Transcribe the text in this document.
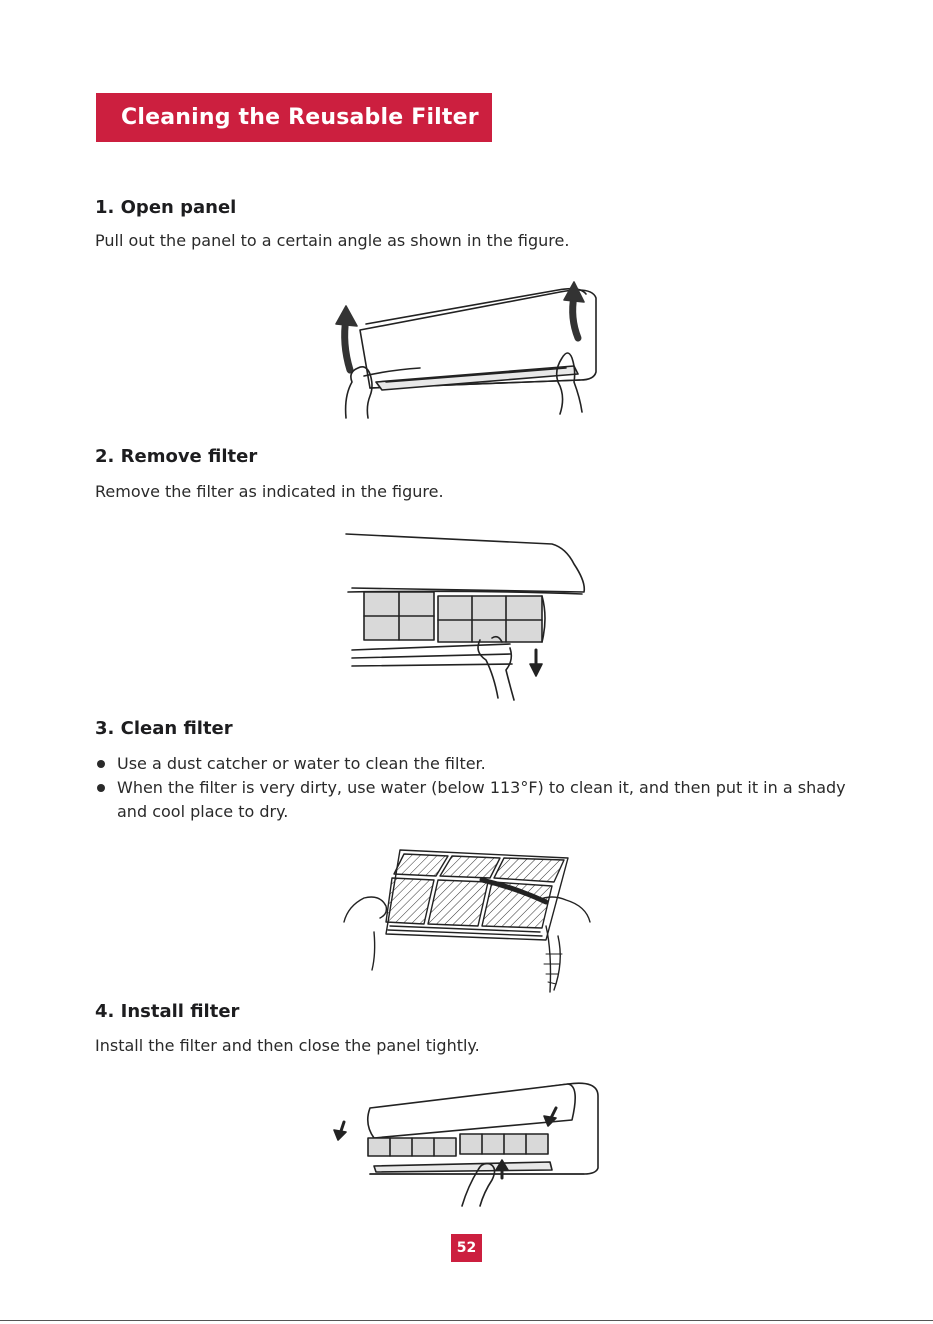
Cleaning the Reusable Filter
1. Open panel

Pull out the panel to a certain angle as shown in the figure.

2. Remove filter

Remove the filter as indicated in the figure.

3. Clean filter
Use a dust catcher or water to clean the filter.
When the filter is very dirty, use water (below 113°F) to clean it, and then put it in a shady and cool place to dry.
4. Install filter

Install the filter and then close the panel tightly.

52
